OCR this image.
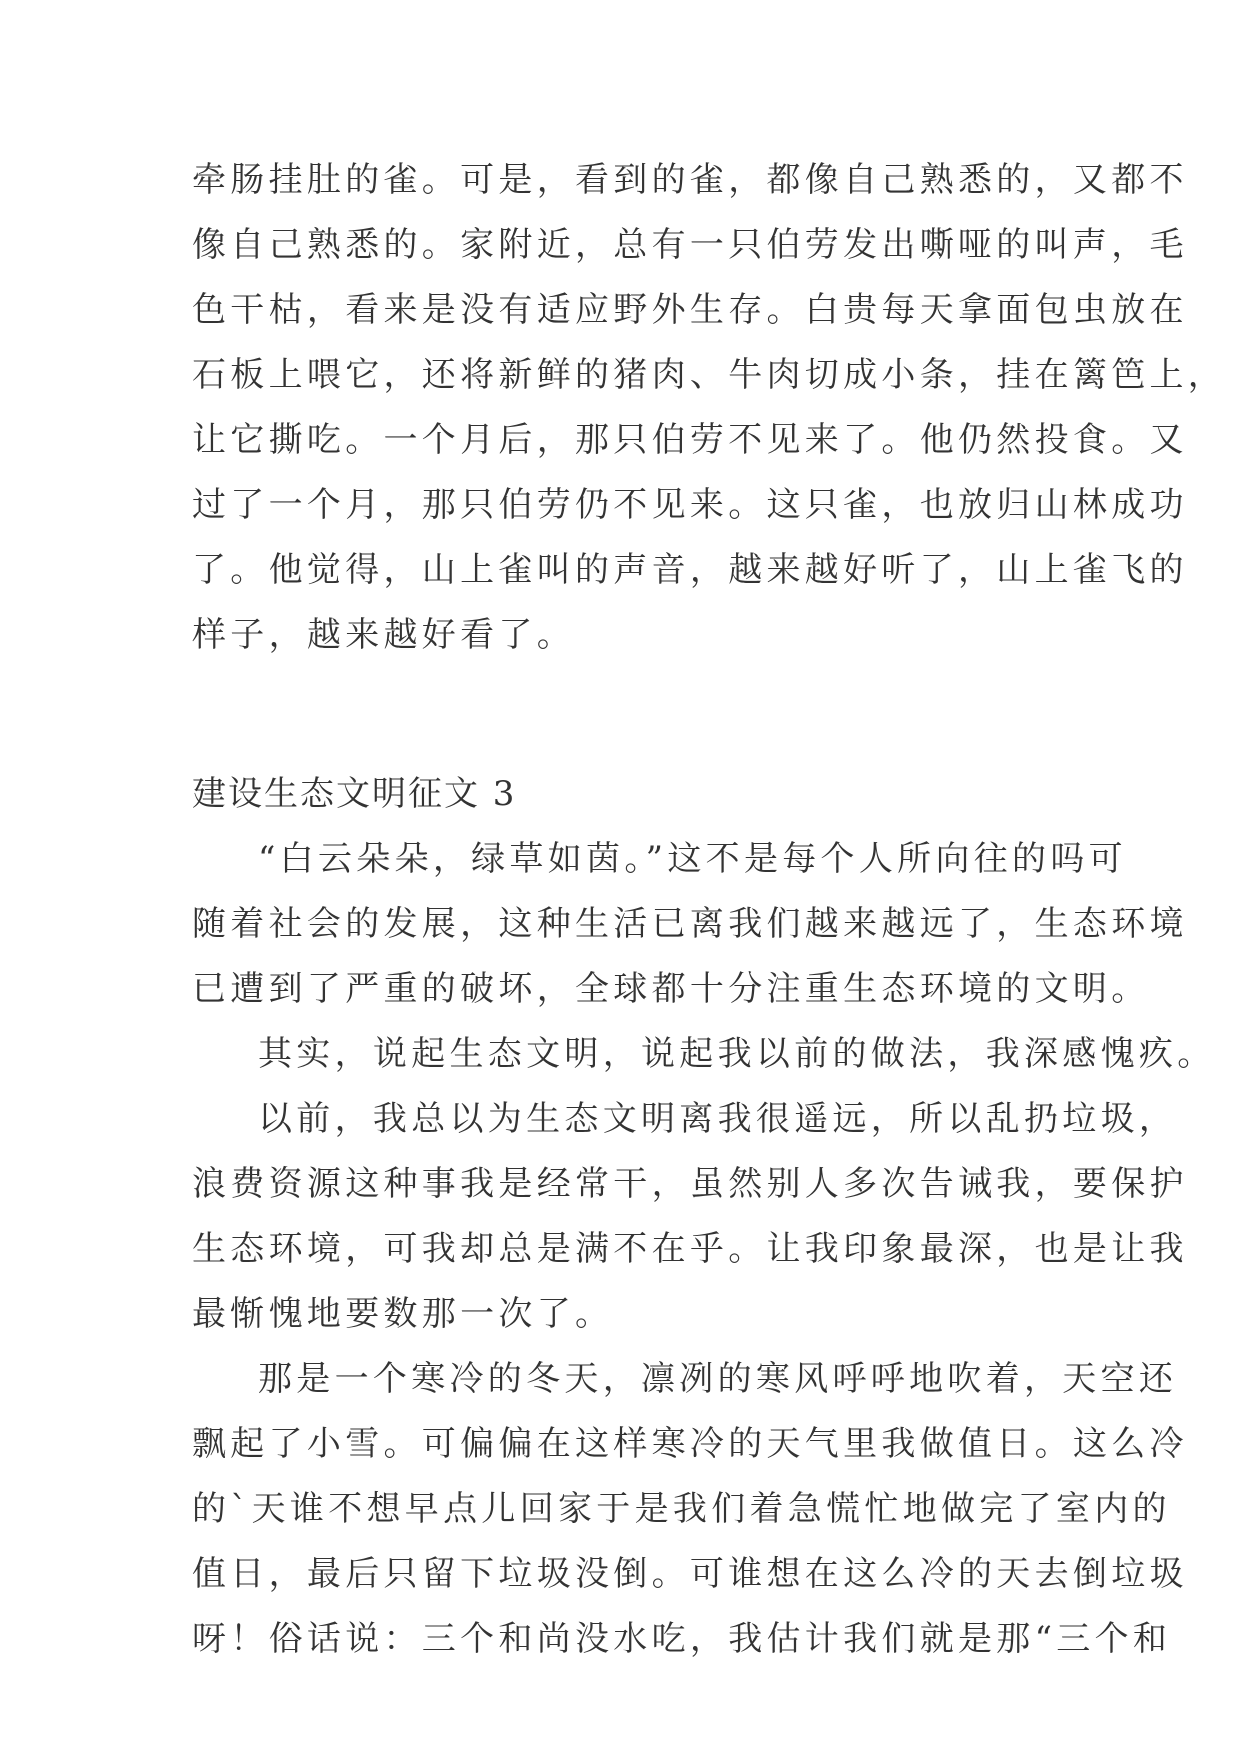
牵肠挂肚的雀。可是，看到的雀，都像自己熟悉的，又都不
像自己熟悉的。家附近，总有一只伯劳发出嘶哑的叫声，毛
色干枯，看来是没有适应野外生存。白贵每天拿面包虫放在
石板上喂它，还将新鲜的猪肉、牛肉切成小条，挂在篱笆上，
让它撕吃。一个月后，那只伯劳不见来了。他仍然投食。又
过了一个月，那只伯劳仍不见来。这只雀，也放归山林成功
了。他觉得，山上雀叫的声音，越来越好听了，山上雀飞的
样子，越来越好看了。
建设生态文明征文 3
“白云朵朵，绿草如茵。”这不是每个人所向往的吗可
随着社会的发展，这种生活已离我们越来越远了，生态环境
已遭到了严重的破坏，全球都十分注重生态环境的文明。
其实，说起生态文明，说起我以前的做法，我深感愧疚。
以前，我总以为生态文明离我很遥远，所以乱扔垃圾，
浪费资源这种事我是经常干，虽然别人多次告诫我，要保护
生态环境，可我却总是满不在乎。让我印象最深，也是让我
最惭愧地要数那一次了。
那是一个寒冷的冬天，凛冽的寒风呼呼地吹着，天空还
飘起了小雪。可偏偏在这样寒冷的天气里我做值日。这么冷
的`天谁不想早点儿回家于是我们着急慌忙地做完了室内的
值日，最后只留下垃圾没倒。可谁想在这么冷的天去倒垃圾
呀！俗话说：三个和尚没水吃，我估计我们就是那“三个和
